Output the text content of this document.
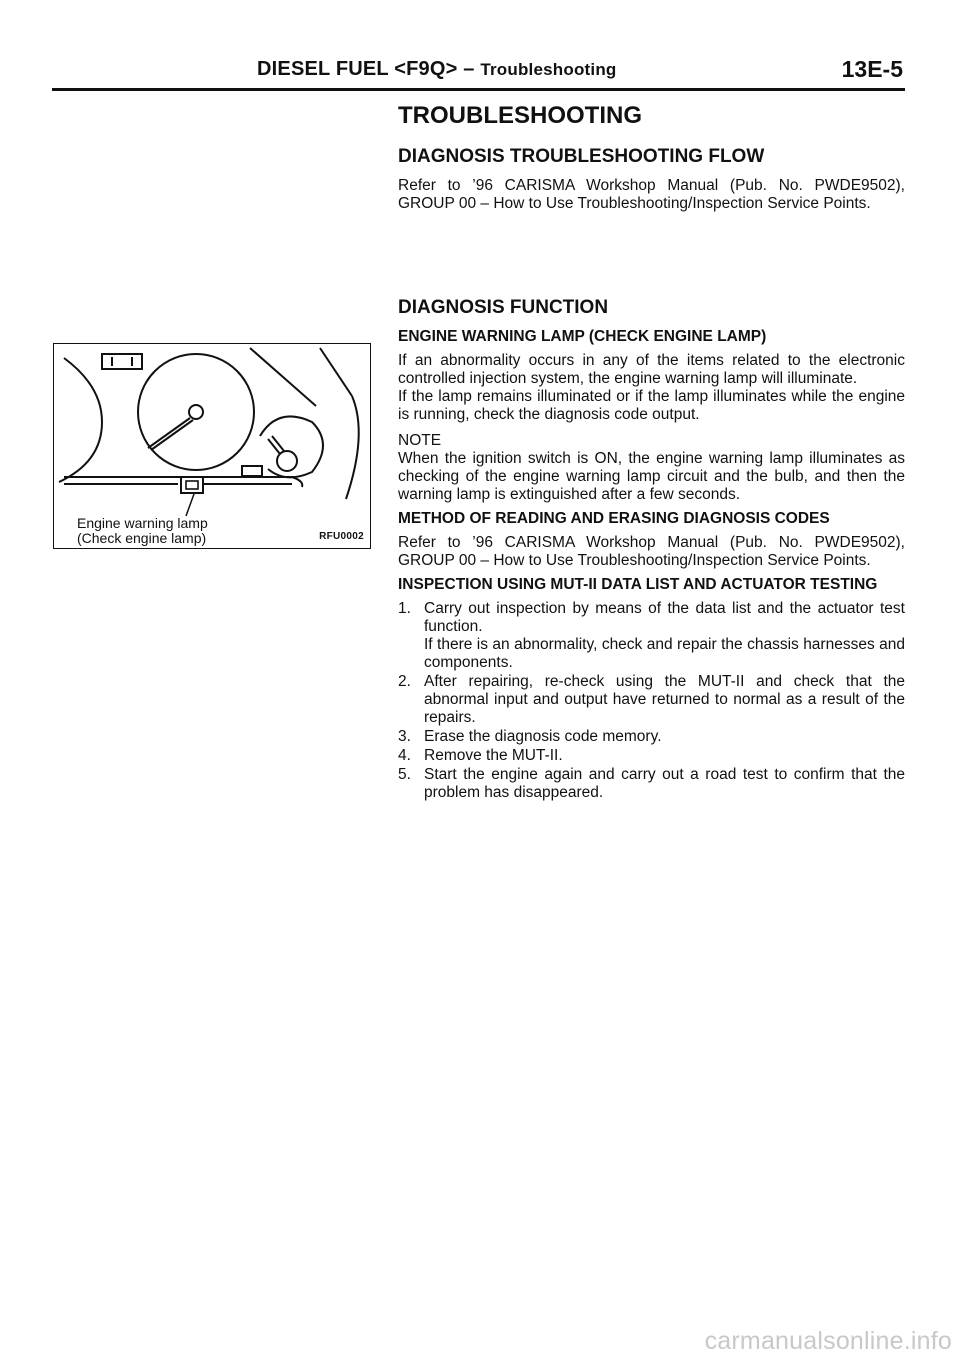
DIESEL FUEL <F9Q> – Troubleshooting	13E-5
Engine warning lamp
(Check engine lamp)	RFU0002
TROUBLESHOOTING
DIAGNOSIS TROUBLESHOOTING FLOW
Refer to ’96 CARISMA Workshop Manual (Pub. No. PWDE9502), GROUP 00 – How to Use Troubleshooting/Inspection Service Points.
DIAGNOSIS FUNCTION
ENGINE WARNING LAMP (CHECK ENGINE LAMP)
If an abnormality occurs in any of the items related to the electronic controlled injection system, the engine warning lamp will illuminate.
If the lamp remains illuminated or if the lamp illuminates while the engine is running, check the diagnosis code output.
NOTE
When the ignition switch is ON, the engine warning lamp illuminates as checking of the engine warning lamp circuit and the bulb, and then the warning lamp is extinguished after a few seconds.
METHOD OF READING AND ERASING DIAGNOSIS CODES
Refer to ’96 CARISMA Workshop Manual (Pub. No. PWDE9502), GROUP 00 – How to Use Troubleshooting/Inspection Service Points.
INSPECTION USING MUT-II DATA LIST AND ACTUATOR TESTING
1. Carry out inspection by means of the data list and the actuator test function.
If there is an abnormality, check and repair the chassis harnesses and components.
2. After repairing, re-check using the MUT-II and check that the abnormal input and output have returned to normal as a result of the repairs.
3. Erase the diagnosis code memory.
4. Remove the MUT-II.
5. Start the engine again and carry out a road test to confirm that the problem has disappeared.
carmanualsonline.info
